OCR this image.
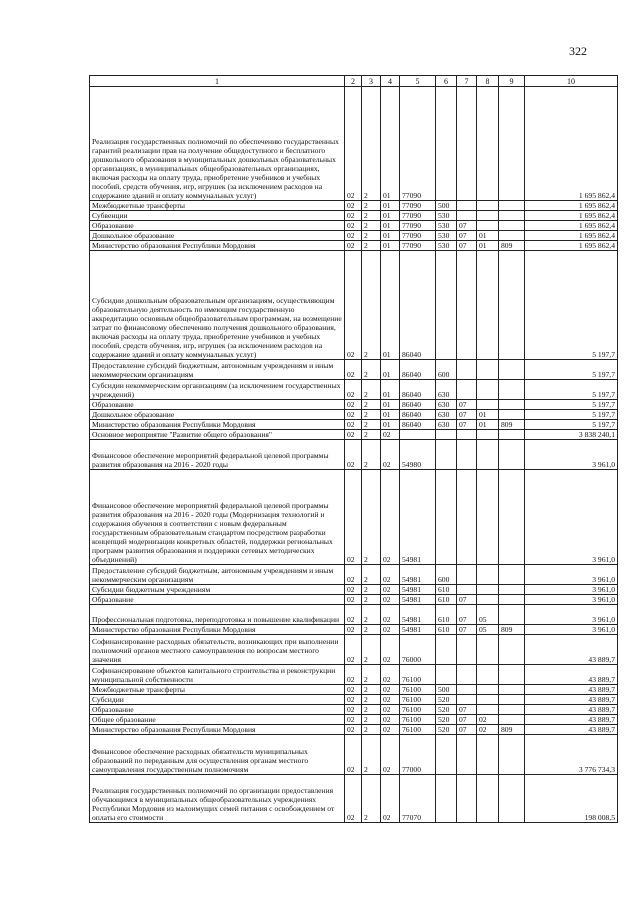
322
1	2	3	4	5	6	7	8	9	10
Реализация государственных полномочий по обеспечению государственных гарантий реализации прав на получение общедоступного и бесплатного дошкольного образования в муниципальных дошкольных образовательных организациях, в муниципальных общеобразовательных организациях, включая расходы на оплату труда, приобретение учебников и учебных пособий, средств обучения, игр, игрушек (за исключением расходов на содержание зданий и оплату коммунальных услуг)	02	2	01	77090					1 695 862,4
Межбюджетные трансферты	02	2	01	77090	500				1 695 862,4
Субвенции	02	2	01	77090	530				1 695 862,4
Образование	02	2	01	77090	530	07			1 695 862,4
Дошкольное образование	02	2	01	77090	530	07	01		1 695 862,4
Министерство образования Республики Мордовия	02	2	01	77090	530	07	01	809	1 695 862,4
Субсидии дошкольным образовательным организациям, осуществляющим образовательную деятельность по имеющим государственную аккредитацию основным общеобразовательным программам, на возмещение затрат по финансовому обеспечению получения дошкольного образования, включая расходы на оплату труда, приобретение учебников и учебных пособий, средств обучения, игр, игрушек (за исключением расходов на содержание зданий и оплату коммунальных услуг)	02	2	01	86040					5 197,7
Предоставление субсидий бюджетным, автономным учреждениям и иным некоммерческим организациям	02	2	01	86040	600				5 197,7
Субсидии некоммерческим организациям (за исключением государственных учреждений)	02	2	01	86040	630				5 197,7
Образование	02	2	01	86040	630	07			5 197,7
Дошкольное образование	02	2	01	86040	630	07	01		5 197,7
Министерство образования Республики Мордовия	02	2	01	86040	630	07	01	809	5 197,7
Основное мероприятие "Развитие общего образования"	02	2	02						3 838 240,1
Финансовое обеспечение мероприятий федеральной целевой программы развития образования на 2016 - 2020 годы	02	2	02	54980					3 961,0
Финансовое обеспечение мероприятий федеральной целевой программы развития образования на 2016 - 2020 годы (Модернизация технологий и содержания обучения в соответствии с новым федеральным государственным образовательным стандартом посредством разработки концепций модернизации конкретных областей, поддержки региональных программ развития образования и поддержки сетевых методических объединений)	02	2	02	54981					3 961,0
Предоставление субсидий бюджетным, автономным учреждениям и иным некоммерческим организациям	02	2	02	54981	600				3 961,0
Субсидии бюджетным учреждениям	02	2	02	54981	610				3 961,0
Образование	02	2	02	54981	610	07			3 961,0
Профессиональная подготовка, переподготовка и повышение квалификации	02	2	02	54981	610	07	05		3 961,0
Министерство образования Республики Мордовия	02	2	02	54981	610	07	05	809	3 961,0
Софинансирование расходных обязательств, возникающих при выполнении полномочий органов местного самоуправления по вопросам местного значения	02	2	02	76000					43 889,7
Софинансирование объектов капитального строительства и реконструкции муниципальной собственности	02	2	02	76100					43 889,7
Межбюджетные трансферты	02	2	02	76100	500				43 889,7
Субсидии	02	2	02	76100	520				43 889,7
Образование	02	2	02	76100	520	07			43 889,7
Общее образование	02	2	02	76100	520	07	02		43 889,7
Министерство образования Республики Мордовия	02	2	02	76100	520	07	02	809	43 889,7
Финансовое обеспечение расходных обязательств муниципальных образований по переданным для осуществления органам местного самоуправления государственным полномочиям	02	2	02	77000					3 776 734,3
Реализация государственных полномочий по организации предоставления обучающимся в муниципальных общеобразовательных учреждениях Республики Мордовия из малоимущих семей питания с освобождением от оплаты его стоимости	02	2	02	77070					198 008,5
